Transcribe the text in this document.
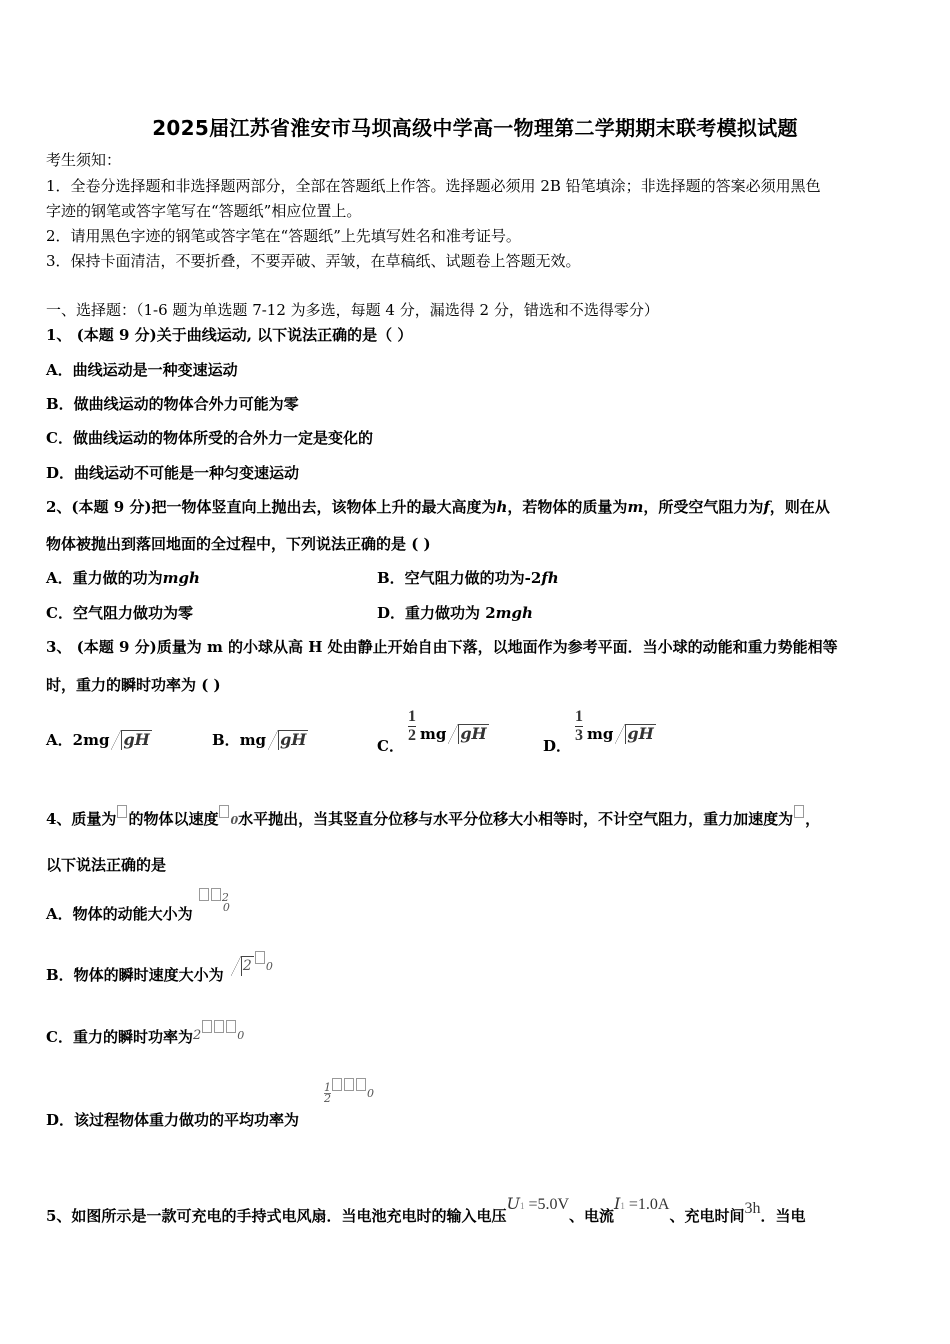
2025届江苏省淮安市马坝高级中学高一物理第二学期期末联考模拟试题
考生须知：
1．全卷分选择题和非选择题两部分，全部在答题纸上作答。选择题必须用 2B 铅笔填涂；非选择题的答案必须用黑色
字迹的钢笔或答字笔写在“答题纸”相应位置上。
2．请用黑色字迹的钢笔或答字笔在“答题纸”上先填写姓名和准考证号。
3．保持卡面清洁，不要折叠，不要弄破、弄皱，在草稿纸、试题卷上答题无效。
一、选择题：（1-6 题为单选题 7-12 为多选，每题 4 分，漏选得 2 分，错选和不选得零分）
1、 (本题 9 分)关于曲线运动, 以下说法正确的是（ ）
A．曲线运动是一种变速运动
B．做曲线运动的物体合外力可能为零
C．做曲线运动的物体所受的合外力一定是变化的
D．曲线运动不可能是一种匀变速运动
2、(本题 9 分)把一物体竖直向上抛出去，该物体上升的最大高度为h，若物体的质量为m，所受空气阻力为f，则在从
物体被抛出到落回地面的全过程中，下列说法正确的是 ( )
A．重力做的功为mgh	B．空气阻力做的功为-2fh
C．空气阻力做功为零	D．重力做功为 2mgh
3、 (本题 9 分)质量为 m 的小球从高 H 处由静止开始自由下落，以地面作为参考平面．当小球的动能和重力势能相等
时，重力的瞬时功率为 ( )
A．2mg gH	B．mg gH	C．
$\frac{1}{2}$ mg gH
D．
$\frac{1}{3}$ mg gH
4、质量为 的物体以速度 0水平抛出，当其竖直分位移与水平分位移大小相等时，不计空气阻力，重力加速度为 ，
以下说法正确的是
A．物体的动能大小为 $^2_0$
B．物体的瞬时速度大小为 2 0
C．重力的瞬时功率为2	0
D．该过程物体重力做功的平均功率为
$\frac{1}{2}$	0
5、如图所示是一款可充电的手持式电风扇．当电池充电时的输入电压U1 =5.0V、电流I1 =1.0A、充电时间3h．当电
